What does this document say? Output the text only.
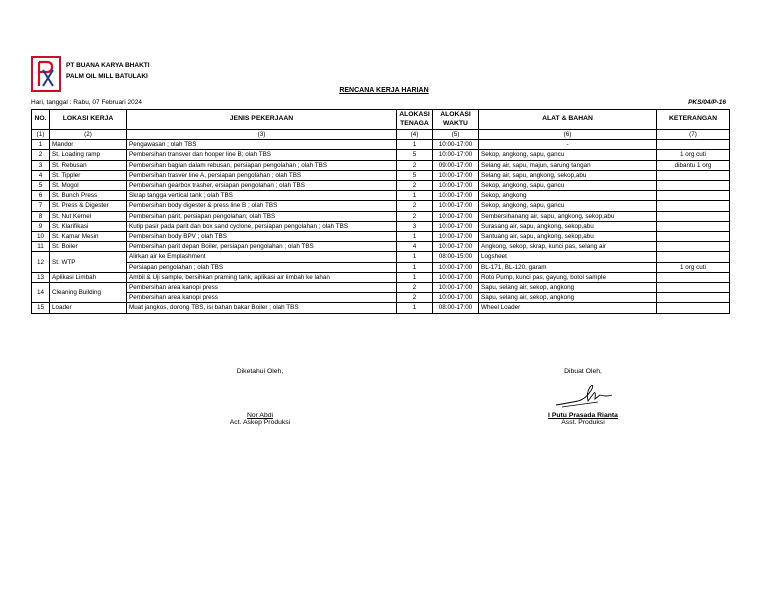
PT BUANA KARYA BHAKTI
PALM OIL MILL BATULAKI
RENCANA KERJA HARIAN
Hari, tanggal : Rabu, 07 Februari 2024	PKS/04/P-16
NO.	LOKASI KERJA	JENIS PEKERJAAN	ALOKASI TENAGA	ALOKASI WAKTU	ALAT & BAHAN	KETERANGAN
(1)	(2)	(3)	(4)	(5)	(6)	(7)
1	Mandor	Pengawasan ; olah TBS	1	10:00-17:00	-	
2	St. Loading ramp	Pembersihan transver dan hooper line B; olah TBS	5	10:00-17:00	Sekop, angkong, sapu, gancu	1 org cuti
3	St. Rebusan	Pembersihan bagian dalam rebusan, persiapan pengolahan ; olah TBS	2	09:00-17:00	Selang air, sapu, majun, sarung tangan	dibantu 1 org
4	St. Tippler	Pembersihan trasver line A, persiapan pengolahan ; olah TBS	5	10:00-17:00	Selang air, sapu, angkong, sekop,abu	
5	St. Mogol	Pembersihan gearbox trasher, ersiapan pengolahan ; olah TBS	2	10:00-17:00	Sekop, angkong, sapu, gancu	
6	St. Bunch Press	Skrap tangga vertical tank ; olah TBS	1	10:00-17:00	Sekop, angkong	
7	St. Press & Digester	Pembersihan body digester & press line B ; olah TBS	2	10:00-17:00	Sekop, angkong, sapu, gancu	
8	St. Nut Kernel	Pembersihan parit, persiapan pengolahan; olah TBS	2	10:00-17:00	Sembersihanang air, sapu, angkong, sekop,abu	
9	St. Klarifikasi	Kutip pasir pada parit dan box sand cyclone, persiapan pengolahan ; olah TBS	3	10:00-17:00	Surasang air, sapu, angkong, sekop,abu	
10	St. Kamar Mesin	Pembersihan body BPV ; olah TBS	1	10:00-17:00	Santuang air, sapu, angkong, sekop,abu	
11	St. Boiler	Pembersihan parit depan Boiler, persiapan pengolahan ; olah TBS	4	10:00-17:00	Angkong, sekop, skrap, kunci pas, selang air	
12	St. WTP	Alirkan air ke Emplashment	1	08:00-15:00	Logsheet	
		Persiapan pengolahan ; olah TBS	1	10:00-17:00	BL-171, BL-120, garam	1 org cuti
13	Aplikasi Limbah	Ambil & Uji sample, bersihkan praming tank, aplikasi air limbah ke lahan	1	10:00-17:00	Roto Pump, kunci pas, gayung, botol sample	
14	Cleaning Building	Pembersihan area kanopi press	2	10:00-17:00	Sapu, selang air, sekop, angkong	
		Pembersihan area kanopi press	2	10:00-17:00	Sapu, selang air, sekop, angkong	
15	Loader	Muat jangkos, dorong TBS, isi bahan bakar Boiler ; olah TBS	1	08:00-17:00	Wheel Loader	
Diketahui Oleh,
Nor Abdi
Act. Askep Produksi
Dibuat Oleh,
I Putu Prasada Rianta
Asst. Produksi
